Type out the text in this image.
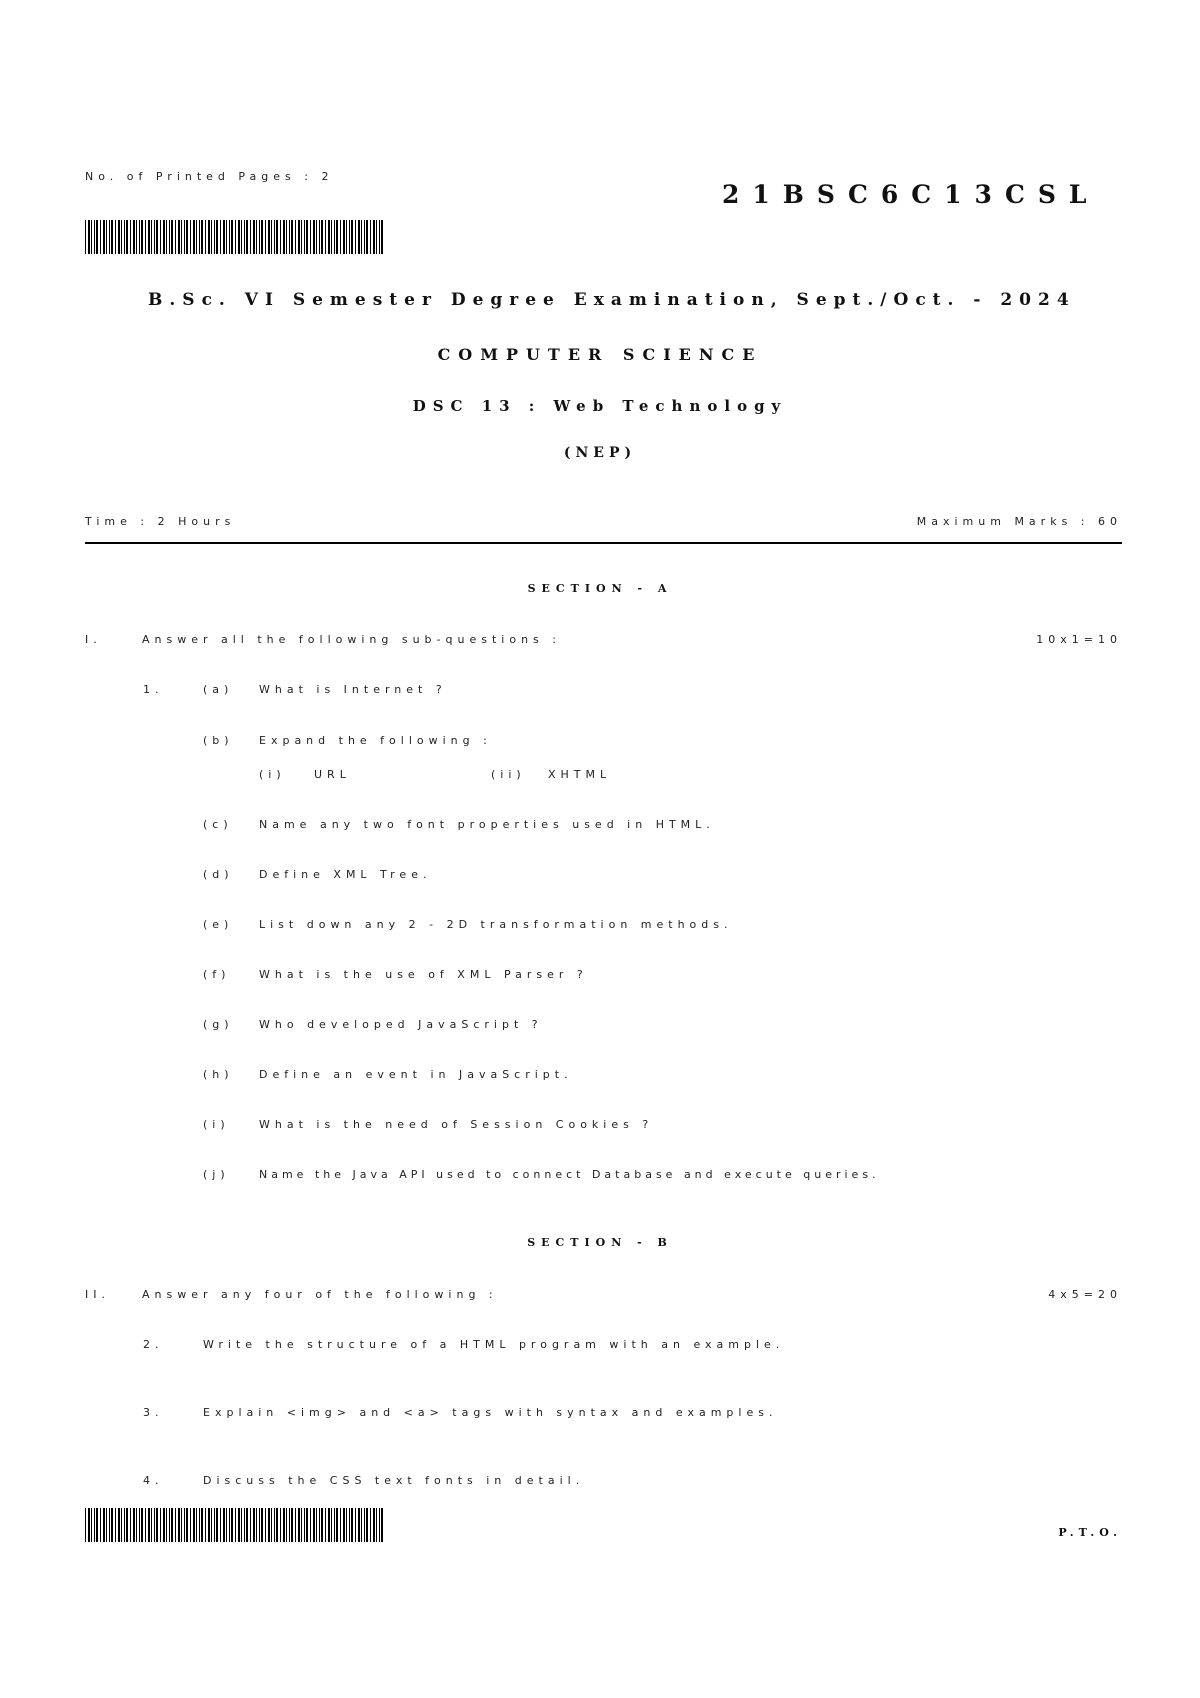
No. of Printed Pages : 2
21BSC6C13CSL
B.Sc. VI Semester Degree Examination, Sept./Oct. - 2024
COMPUTER SCIENCE
DSC 13 : Web Technology
(NEP)
Time : 2 Hours	Maximum Marks : 60
SECTION - A
I.	Answer all the following sub-questions :	10x1=10
1.	(a) What is Internet ?
(b) Expand the following :
(i)	URL	(ii) XHTML
(c) Name any two font properties used in HTML.
(d) Define XML Tree.
(e) List down any 2 - 2D transformation methods.
(f)	What is the use of XML Parser ?
(g) Who developed JavaScript ?
(h) Define an event in JavaScript.
(i)	What is the need of Session Cookies ?
(j)	Name the Java API used to connect Database and execute queries.
SECTION - B
II.	Answer any four of the following :	4x5=20
2.	Write the structure of a HTML program with an example.
3.	Explain <img> and <a> tags with syntax and examples.
4.	Discuss the CSS text fonts in detail.
P.T.O.
